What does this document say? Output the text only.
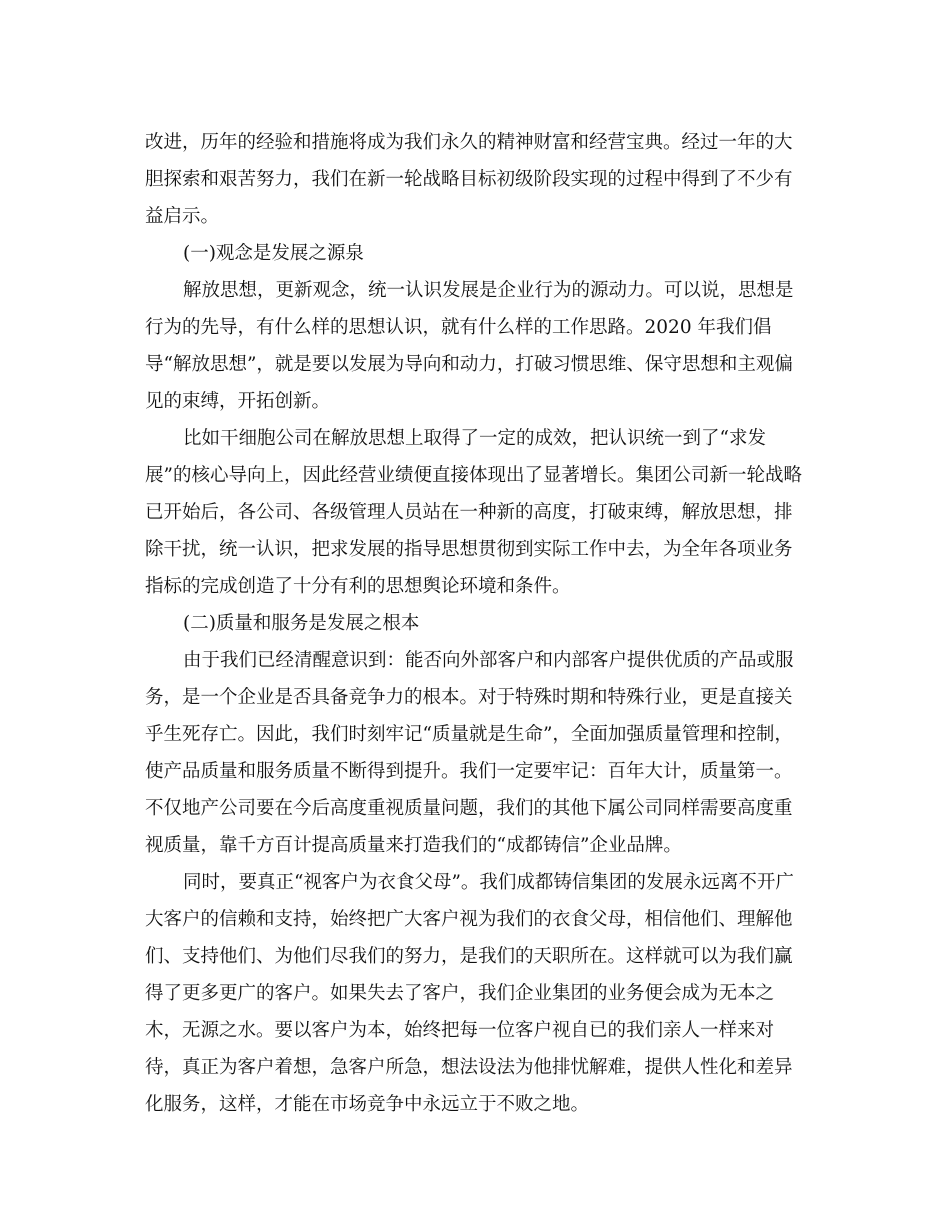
改进，历年的经验和措施将成为我们永久的精神财富和经营宝典。经过一年的大
胆探索和艰苦努力，我们在新一轮战略目标初级阶段实现的过程中得到了不少有
益启示。
(一)观念是发展之源泉
解放思想，更新观念，统一认识发展是企业行为的源动力。可以说，思想是
行为的先导，有什么样的思想认识，就有什么样的工作思路。2020 年我们倡
导“解放思想”，就是要以发展为导向和动力，打破习惯思维、保守思想和主观偏
见的束缚，开拓创新。
比如干细胞公司在解放思想上取得了一定的成效，把认识统一到了“求发
展”的核心导向上，因此经营业绩便直接体现出了显著增长。集团公司新一轮战略
已开始后，各公司、各级管理人员站在一种新的高度，打破束缚，解放思想，排
除干扰，统一认识，把求发展的指导思想贯彻到实际工作中去，为全年各项业务
指标的完成创造了十分有利的思想舆论环境和条件。
(二)质量和服务是发展之根本
由于我们已经清醒意识到：能否向外部客户和内部客户提供优质的产品或服
务，是一个企业是否具备竞争力的根本。对于特殊时期和特殊行业，更是直接关
乎生死存亡。因此，我们时刻牢记“质量就是生命”，全面加强质量管理和控制，
使产品质量和服务质量不断得到提升。我们一定要牢记：百年大计，质量第一。
不仅地产公司要在今后高度重视质量问题，我们的其他下属公司同样需要高度重
视质量，靠千方百计提高质量来打造我们的“成都铸信”企业品牌。
同时，要真正“视客户为衣食父母”。我们成都铸信集团的发展永远离不开广
大客户的信赖和支持，始终把广大客户视为我们的衣食父母，相信他们、理解他
们、支持他们、为他们尽我们的努力，是我们的天职所在。这样就可以为我们赢
得了更多更广的客户。如果失去了客户，我们企业集团的业务便会成为无本之
木，无源之水。要以客户为本，始终把每一位客户视自已的我们亲人一样来对
待，真正为客户着想，急客户所急，想法设法为他排忧解难，提供人性化和差异
化服务，这样，才能在市场竞争中永远立于不败之地。
